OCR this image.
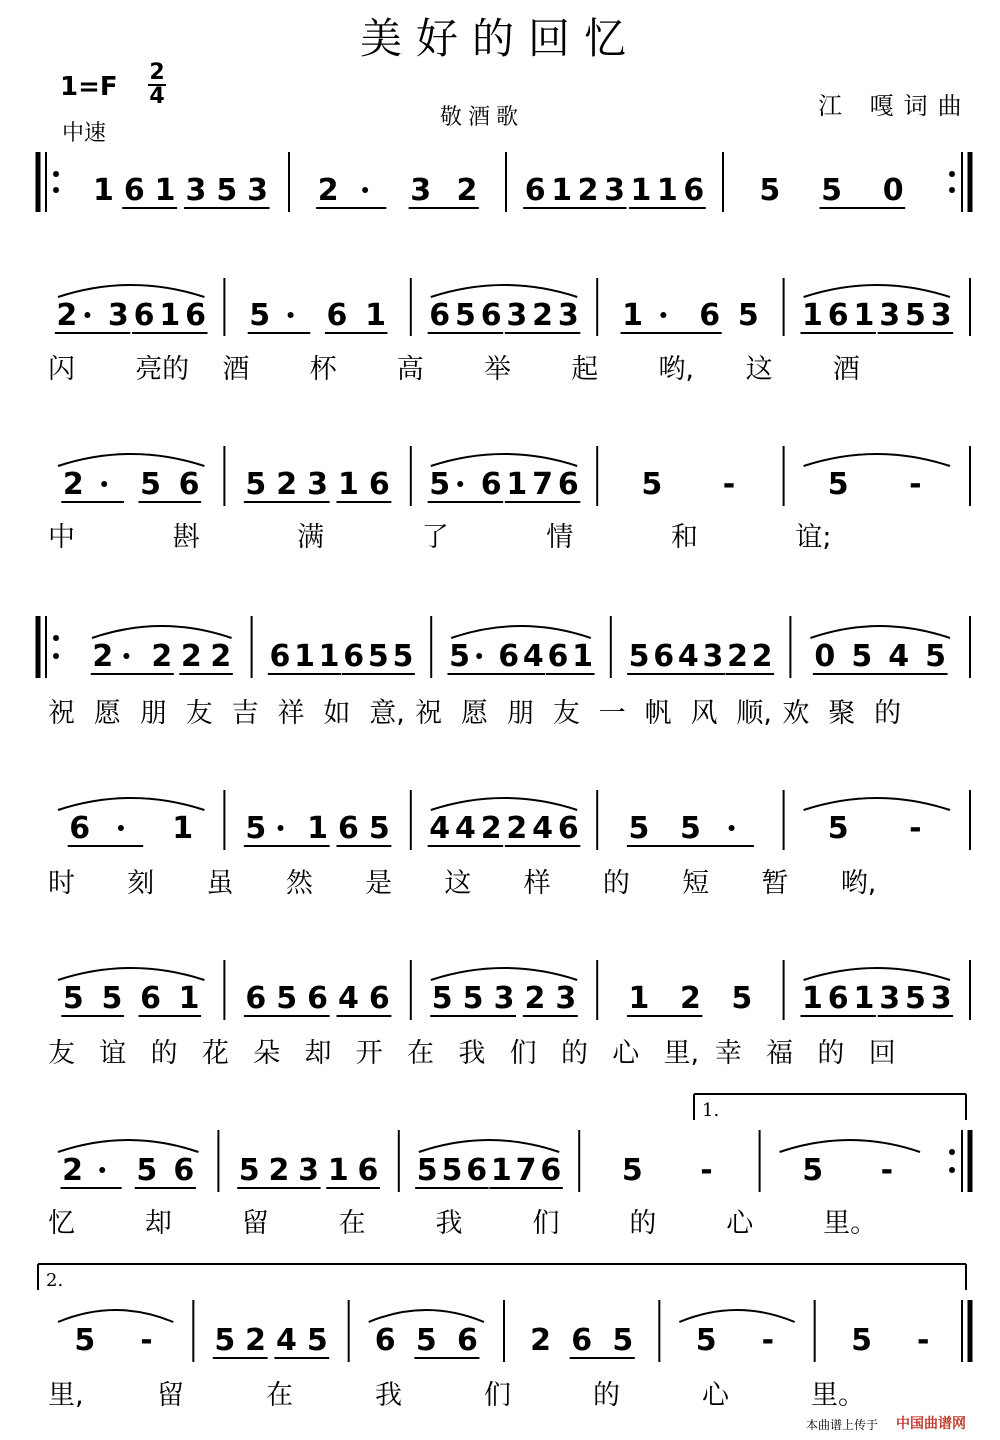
美好的回忆
1=F 2
4
中速
敬酒歌	江 嘎词曲
1 6 1 3 5 3 2 3 2 6 1 2 3 1 1 6 5 5 0
2 3 6 1 6 5 6 1 6 5 6 3 2 3 1 6 5 1 6 1 3 5 3
闪 亮的 酒 杯 高 举 起 哟, 这 酒
2 5 6 5 2 3 1 6 5 6 1 7 6 5 -	5 -
中	斟	满	了	情	和	谊;
2 2 2 2 6 1 1 6 5 5 5 6 4 6 1 5 6 4 3 2 2 0 5 4 5
祝 愿 朋 友 吉 祥 如 意, 祝 愿 朋 友 一 帆 风 顺, 欢 聚 的
6	1 5 1 6 5 4 4 2 2 4 6 5 5	5 -
时 刻 虽 然 是 这 样 的 短 暂 哟,
5 5 6 1 6 5 6 4 6 5 5 3 2 3 1 2 5 1 6 1 3 5 3
友 谊 的 花 朵 却 开 在 我 们 的 心 里, 幸 福 的 回
1.
2 5 6 5 2 3 1 6 5 5 6 1 7 6 5 -	5 -
忆	却	留	在	我	们	的	心	里。
2.
5 - 5 2 4 5 6 5 6 2 6 5 5 -	5 -
里,	留	在	我	们	的	心	里。
本曲谱上传于 中国曲谱网
